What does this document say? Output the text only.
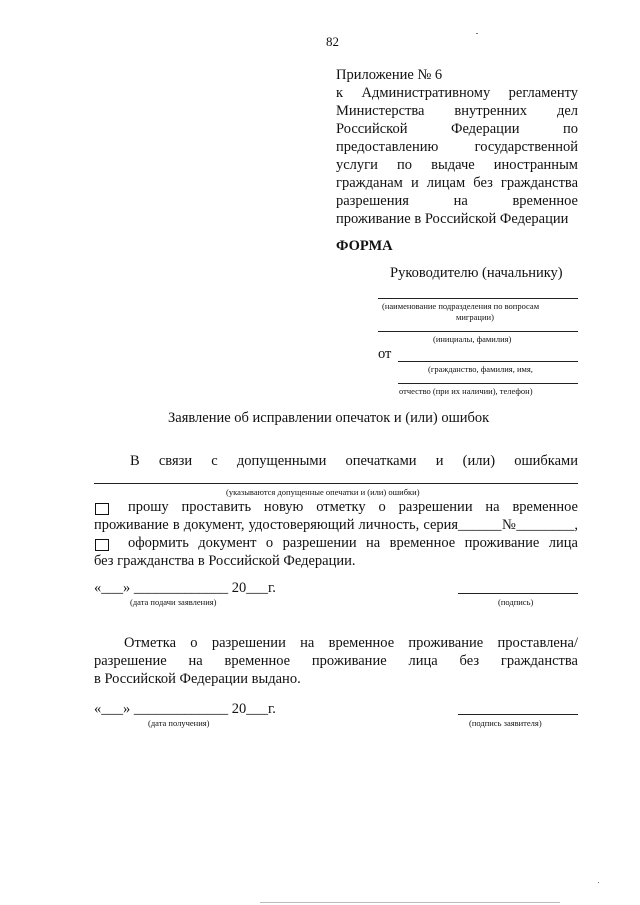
82
Приложение № 6
к Административному регламенту
Министерства внутренних дел
Российской Федерации по
предоставлению государственной
услуги по выдаче иностранным
гражданам и лицам без гражданства
разрешения на временное
проживание в Российской Федерации
ФОРМА
Руководителю (начальнику)
(наименование подразделения по вопросам
миграции)
(инициалы, фамилия)
от
(гражданство, фамилия, имя,
отчество (при их наличии), телефон)
Заявление об исправлении опечаток и (или) ошибок
В связи с допущенными опечатками и (или) ошибками
(указываются допущенные опечатки и (или) ошибки)
прошу проставить новую отметку о разрешении на временное
проживание в документ, удостоверяющий личность, серия______№________,
оформить документ о разрешении на временное проживание лица
без гражданства в Российской Федерации.
«___» _____________ 20___г.
(дата подачи заявления)	(подпись)
Отметка о разрешении на временное проживание проставлена/
разрешение на временное проживание лица без гражданства
в Российской Федерации выдано.
«___» _____________ 20___г.
(дата получения)	(подпись заявителя)
